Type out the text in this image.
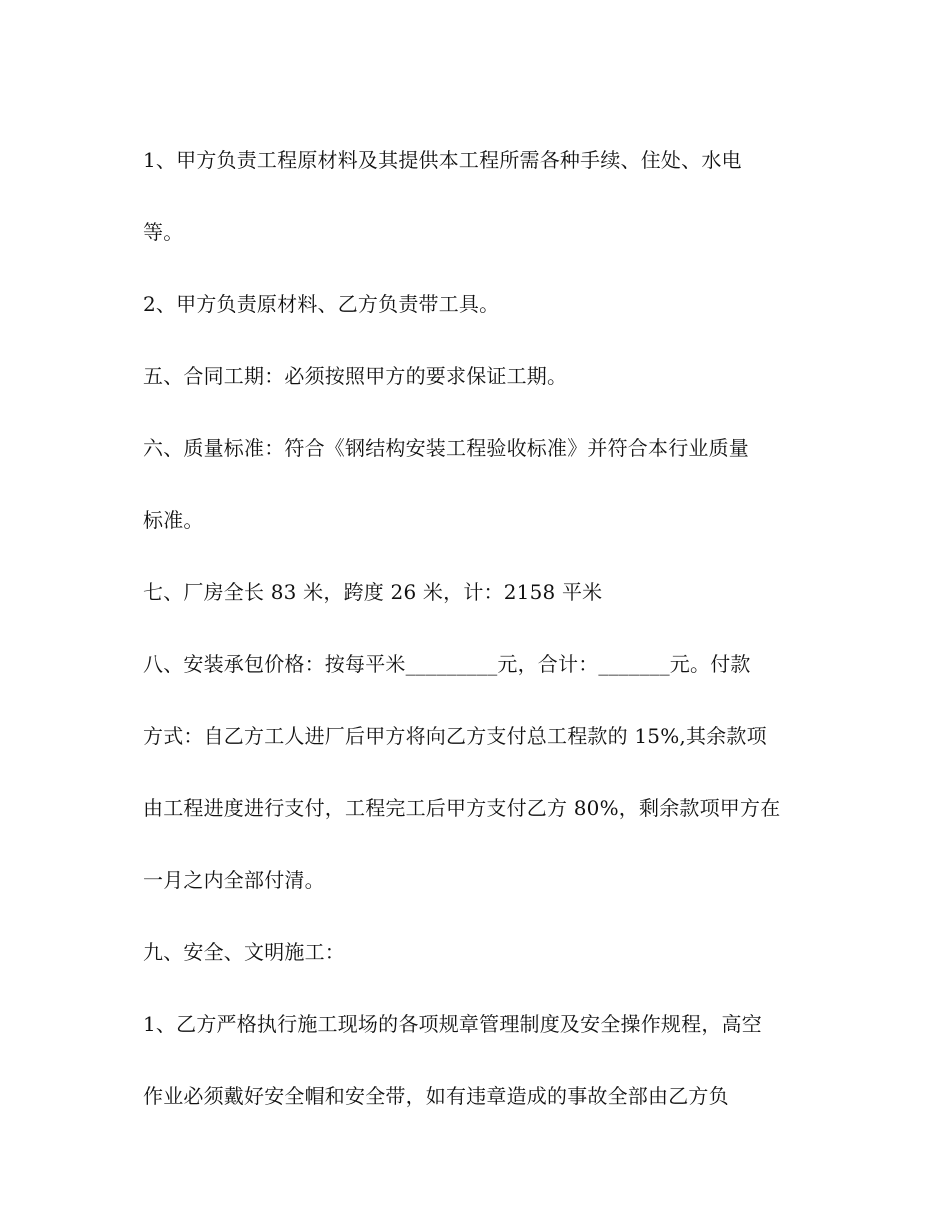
1、甲方负责工程原材料及其提供本工程所需各种手续、住处、水电
等。
2、甲方负责原材料、乙方负责带工具。
五、合同工期：必须按照甲方的要求保证工期。
六、质量标准：符合《钢结构安装工程验收标准》并符合本行业质量
标准。
七、厂房全长 83 米，跨度 26 米，计：2158 平米
八、安装承包价格：按每平米_________元，合计：_______元。付款
方式：自乙方工人进厂后甲方将向乙方支付总工程款的 15%,其余款项
由工程进度进行支付，工程完工后甲方支付乙方 80%，剩余款项甲方在
一月之内全部付清。
九、安全、文明施工：
1、乙方严格执行施工现场的各项规章管理制度及安全操作规程，高空
作业必须戴好安全帽和安全带，如有违章造成的事故全部由乙方负
